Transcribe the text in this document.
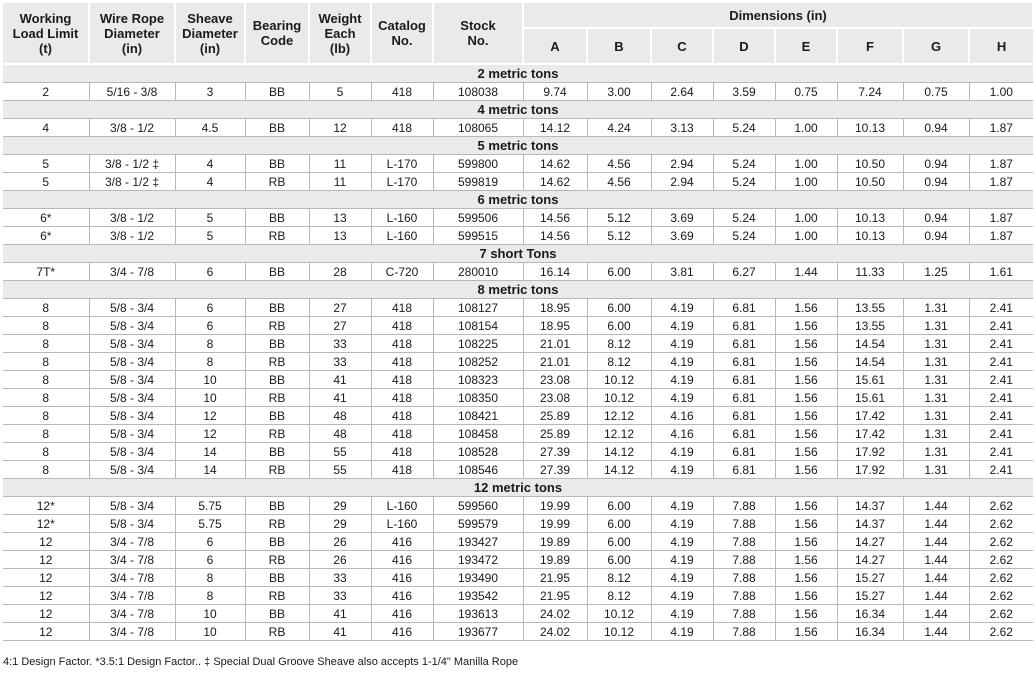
Working
Load Limit
(t)	Wire Rope
Diameter
(in)	Sheave
Diameter
(in)	Bearing
Code	Weight
Each
(lb)	Catalog
No.	Stock
No.	Dimensions (in)							
							A	B	C	D	E	F	G	H
2 metric tons														
2	5/16 - 3/8	3	BB	5	418	108038	9.74	3.00	2.64	3.59	0.75	7.24	0.75	1.00
4 metric tons														
4	3/8 - 1/2	4.5	BB	12	418	108065	14.12	4.24	3.13	5.24	1.00	10.13	0.94	1.87
5 metric tons														
5	3/8 - 1/2 ‡	4	BB	11	L-170	599800	14.62	4.56	2.94	5.24	1.00	10.50	0.94	1.87
5	3/8 - 1/2 ‡	4	RB	11	L-170	599819	14.62	4.56	2.94	5.24	1.00	10.50	0.94	1.87
6 metric tons														
6*	3/8 - 1/2	5	BB	13	L-160	599506	14.56	5.12	3.69	5.24	1.00	10.13	0.94	1.87
6*	3/8 - 1/2	5	RB	13	L-160	599515	14.56	5.12	3.69	5.24	1.00	10.13	0.94	1.87
7 short Tons														
7T*	3/4 - 7/8	6	BB	28	C-720	280010	16.14	6.00	3.81	6.27	1.44	11.33	1.25	1.61
8 metric tons														
8	5/8 - 3/4	6	BB	27	418	108127	18.95	6.00	4.19	6.81	1.56	13.55	1.31	2.41
8	5/8 - 3/4	6	RB	27	418	108154	18.95	6.00	4.19	6.81	1.56	13.55	1.31	2.41
8	5/8 - 3/4	8	BB	33	418	108225	21.01	8.12	4.19	6.81	1.56	14.54	1.31	2.41
8	5/8 - 3/4	8	RB	33	418	108252	21.01	8.12	4.19	6.81	1.56	14.54	1.31	2.41
8	5/8 - 3/4	10	BB	41	418	108323	23.08	10.12	4.19	6.81	1.56	15.61	1.31	2.41
8	5/8 - 3/4	10	RB	41	418	108350	23.08	10.12	4.19	6.81	1.56	15.61	1.31	2.41
8	5/8 - 3/4	12	BB	48	418	108421	25.89	12.12	4.16	6.81	1.56	17.42	1.31	2.41
8	5/8 - 3/4	12	RB	48	418	108458	25.89	12.12	4.16	6.81	1.56	17.42	1.31	2.41
8	5/8 - 3/4	14	BB	55	418	108528	27.39	14.12	4.19	6.81	1.56	17.92	1.31	2.41
8	5/8 - 3/4	14	RB	55	418	108546	27.39	14.12	4.19	6.81	1.56	17.92	1.31	2.41
12 metric tons														
12*	5/8 - 3/4	5.75	BB	29	L-160	599560	19.99	6.00	4.19	7.88	1.56	14.37	1.44	2.62
12*	5/8 - 3/4	5.75	RB	29	L-160	599579	19.99	6.00	4.19	7.88	1.56	14.37	1.44	2.62
12	3/4 - 7/8	6	BB	26	416	193427	19.89	6.00	4.19	7.88	1.56	14.27	1.44	2.62
12	3/4 - 7/8	6	RB	26	416	193472	19.89	6.00	4.19	7.88	1.56	14.27	1.44	2.62
12	3/4 - 7/8	8	BB	33	416	193490	21.95	8.12	4.19	7.88	1.56	15.27	1.44	2.62
12	3/4 - 7/8	8	RB	33	416	193542	21.95	8.12	4.19	7.88	1.56	15.27	1.44	2.62
12	3/4 - 7/8	10	BB	41	416	193613	24.02	10.12	4.19	7.88	1.56	16.34	1.44	2.62
12	3/4 - 7/8	10	RB	41	416	193677	24.02	10.12	4.19	7.88	1.56	16.34	1.44	2.62
4:1 Design Factor. *3.5:1 Design Factor.. ‡ Special Dual Groove Sheave also accepts 1-1/4" Manilla Rope
